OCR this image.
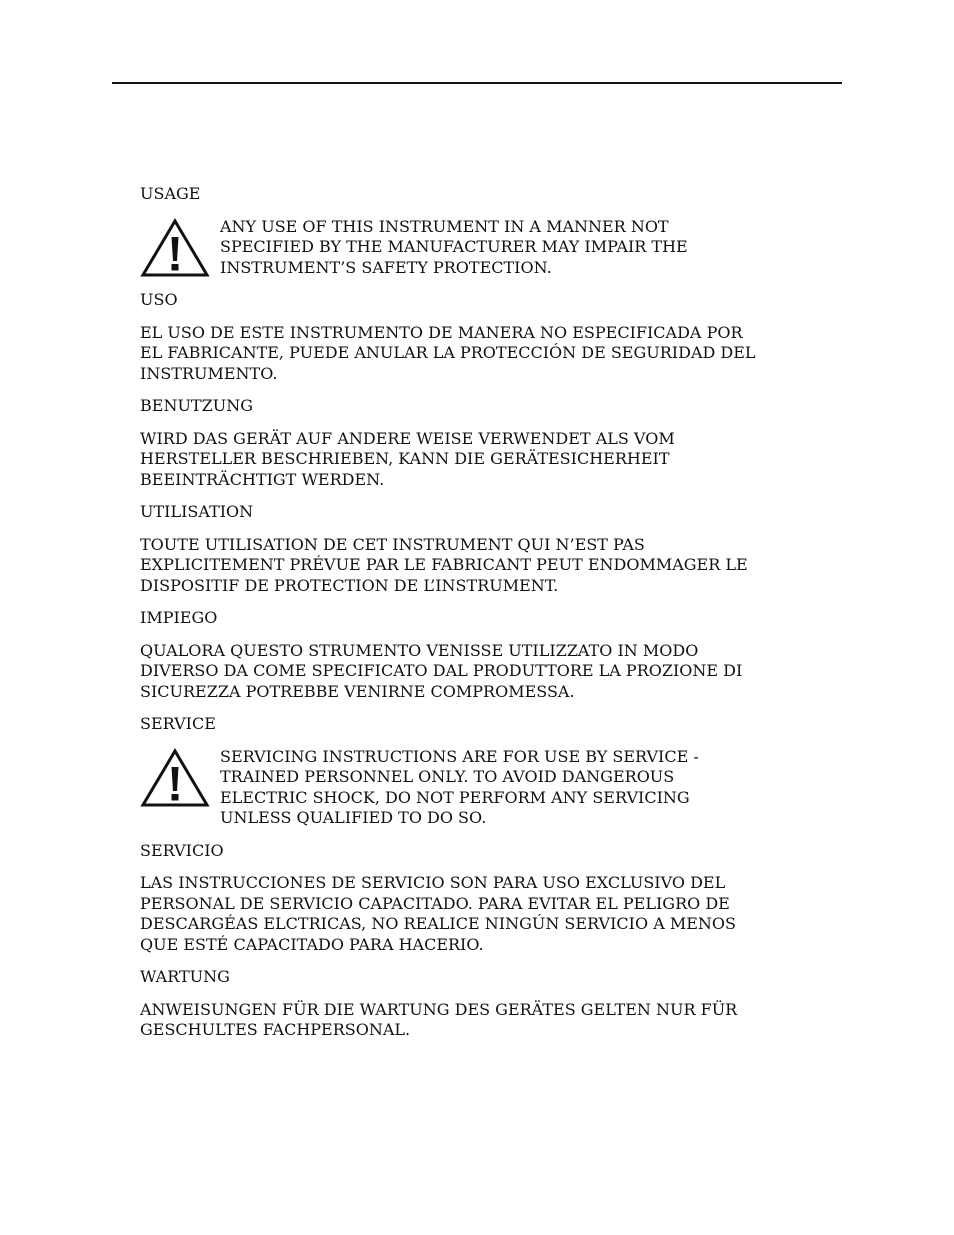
USAGE

ANY USE OF THIS INSTRUMENT IN A MANNER NOT SPECIFIED BY THE MANUFACTURER MAY IMPAIR THE INSTRUMENT’S SAFETY PROTECTION.

USO

EL USO DE ESTE INSTRUMENTO DE MANERA NO ESPECIFICADA POR EL FABRICANTE, PUEDE ANULAR LA PROTECCIÓN DE SEGURIDAD DEL INSTRUMENTO.

BENUTZUNG

WIRD DAS GERÄT AUF ANDERE WEISE VERWENDET ALS VOM HERSTELLER BESCHRIEBEN, KANN DIE GERÄTESICHERHEIT BEEINTRÄCHTIGT WERDEN.

UTILISATION

TOUTE UTILISATION DE CET INSTRUMENT QUI N’EST PAS EXPLICITEMENT PRÉVUE PAR LE FABRICANT PEUT ENDOMMAGER LE DISPOSITIF DE PROTECTION DE L’INSTRUMENT.

IMPIEGO

QUALORA QUESTO STRUMENTO VENISSE UTILIZZATO IN MODO DIVERSO DA COME SPECIFICATO DAL PRODUTTORE LA PROZIONE DI SICUREZZA POTREBBE VENIRNE COMPROMESSA.

SERVICE

SERVICING INSTRUCTIONS ARE FOR USE BY SERVICE - TRAINED PERSONNEL ONLY. TO AVOID DANGEROUS ELECTRIC SHOCK, DO NOT PERFORM ANY SERVICING UNLESS QUALIFIED TO DO SO.

SERVICIO

LAS INSTRUCCIONES DE SERVICIO SON PARA USO EXCLUSIVO DEL PERSONAL DE SERVICIO CAPACITADO. PARA EVITAR EL PELIGRO DE DESCARGÉAS ELCTRICAS, NO REALICE NINGÚN SERVICIO A MENOS QUE ESTÉ CAPACITADO PARA HACERIO.

WARTUNG

ANWEISUNGEN FÜR DIE WARTUNG DES GERÄTES GELTEN NUR FÜR GESCHULTES FACHPERSONAL.
